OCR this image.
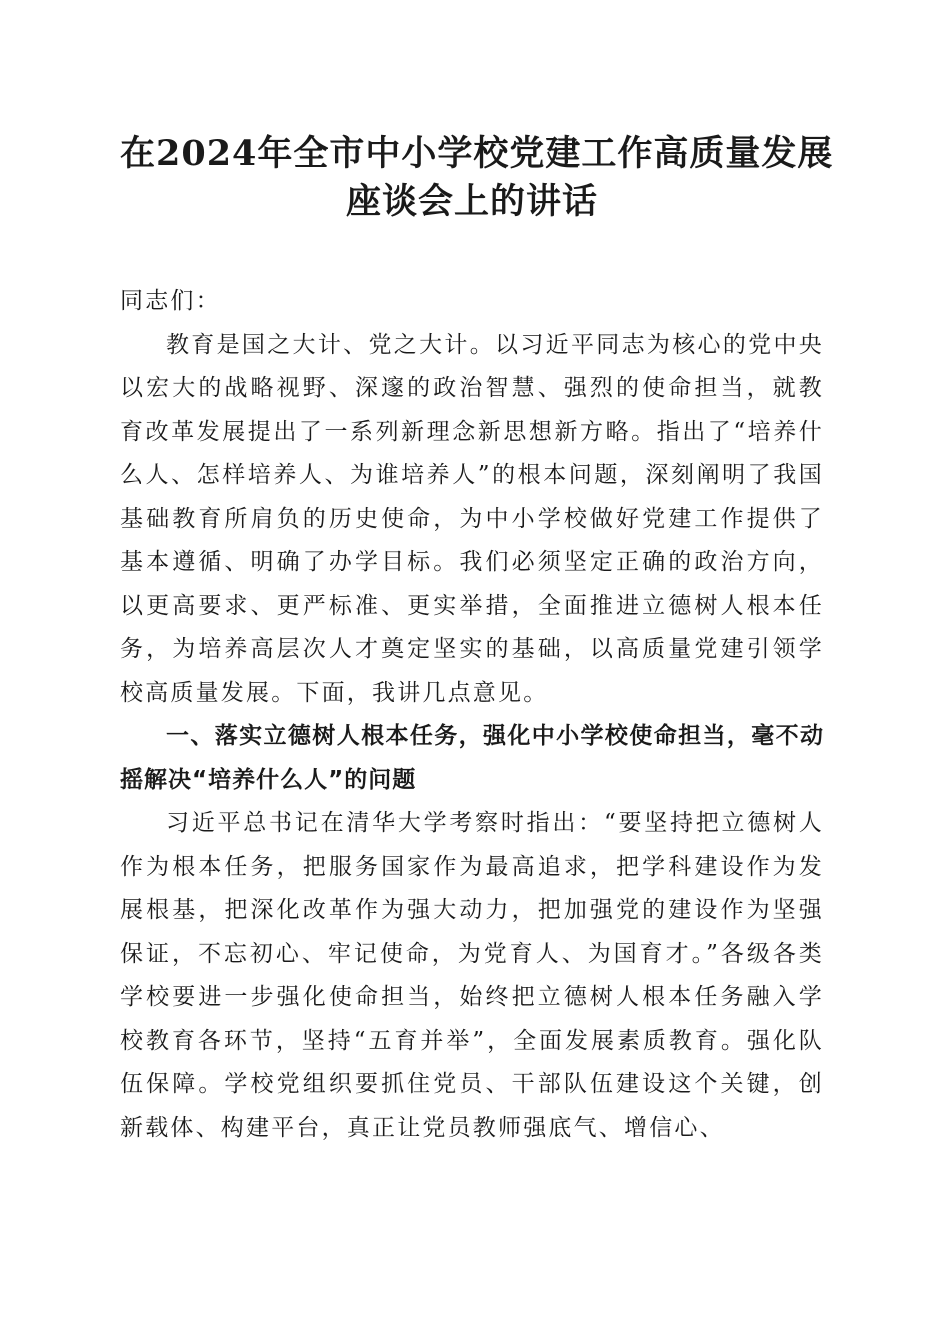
在2024年全市中小学校党建工作高质量发展
座谈会上的讲话

同志们：

教育是国之大计、党之大计。以习近平同志为核心的党中央以宏大的战略视野、深邃的政治智慧、强烈的使命担当，就教育改革发展提出了一系列新理念新思想新方略。指出了“培养什么人、怎样培养人、为谁培养人”的根本问题，深刻阐明了我国基础教育所肩负的历史使命，为中小学校做好党建工作提供了基本遵循、明确了办学目标。我们必须坚定正确的政治方向，以更高要求、更严标准、更实举措，全面推进立德树人根本任务，为培养高层次人才奠定坚实的基础，以高质量党建引领学校高质量发展。下面，我讲几点意见。

一、落实立德树人根本任务，强化中小学校使命担当，毫不动摇解决“培养什么人”的问题

习近平总书记在清华大学考察时指出：“要坚持把立德树人作为根本任务，把服务国家作为最高追求，把学科建设作为发展根基，把深化改革作为强大动力，把加强党的建设作为坚强保证，不忘初心、牢记使命，为党育人、为国育才。”各级各类学校要进一步强化使命担当，始终把立德树人根本任务融入学校教育各环节，坚持“五育并举”，全面发展素质教育。强化队伍保障。学校党组织要抓住党员、干部队伍建设这个关键，创新载体、构建平台，真正让党员教师强底气、增信心、
